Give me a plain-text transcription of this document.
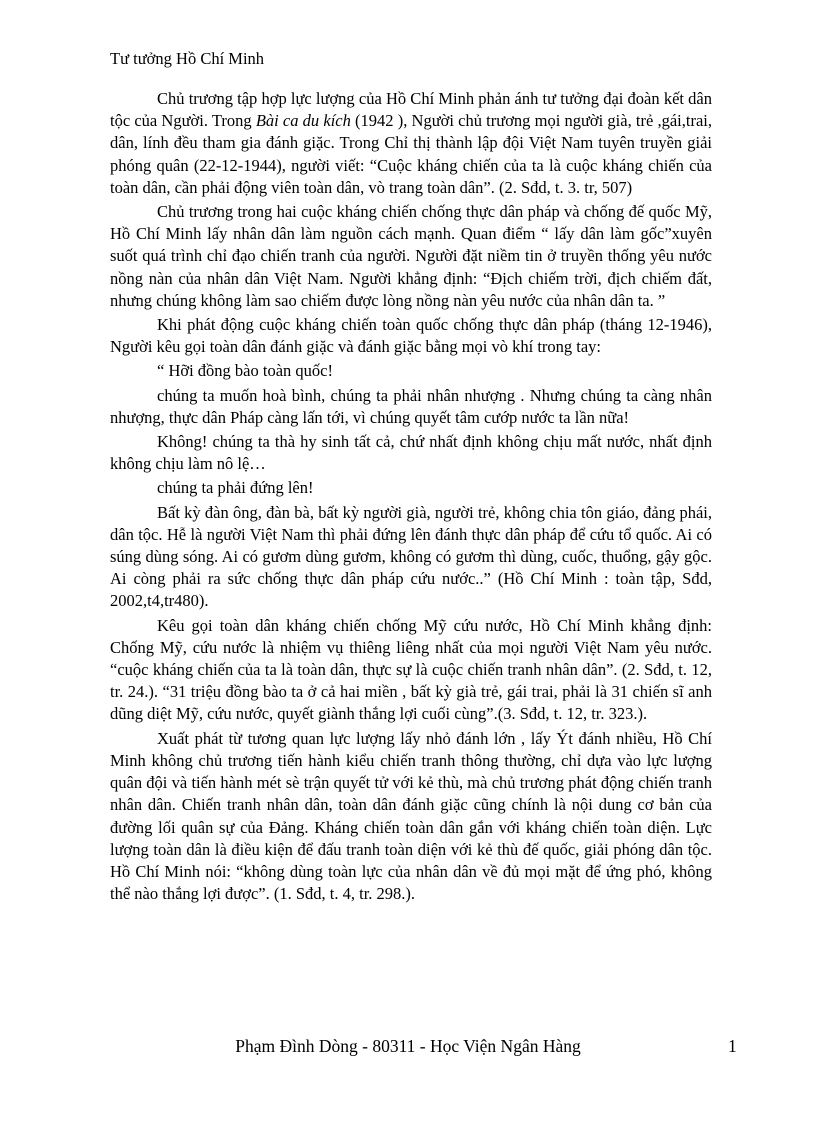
Tư tưởng Hồ Chí Minh

Chủ trương tập hợp lực lượng của Hồ Chí Minh phản ánh tư tưởng đại đoàn kết dân tộc của Người. Trong Bài ca du kích (1942 ), Người chủ trương mọi người già, trẻ ,gái,trai, dân, lính đều tham gia đánh giặc. Trong Chỉ thị thành lập đội Việt Nam tuyên truyền giải phóng quân (22-12-1944), người viết: “Cuộc kháng chiến của ta là cuộc kháng chiến của toàn dân, cần phải động viên toàn dân, vò trang toàn dân”. (2. Sđd, t. 3. tr, 507)

Chủ trương trong hai cuộc kháng chiến chống thực dân pháp và chống đế quốc Mỹ, Hồ Chí Minh lấy nhân dân làm nguồn cách mạnh. Quan điểm “ lấy dân làm gốc”xuyên suốt quá trình chỉ đạo chiến tranh của người. Người đặt niềm tin ở truyền thống yêu nước nồng nàn của nhân dân Việt Nam. Người khẳng định: “Địch chiếm trời, địch chiếm đất, nhưng chúng không làm sao chiếm được lòng nồng nàn yêu nước của nhân dân ta. ”

Khi phát động cuộc kháng chiến toàn quốc chống thực dân pháp (tháng 12-1946), Người kêu gọi toàn dân đánh giặc và đánh giặc bằng mọi vò khí trong tay:

“ Hỡi đồng bào toàn quốc!

chúng ta muốn hoà bình, chúng ta phải nhân nhượng . Nhưng chúng ta càng nhân nhượng, thực dân Pháp càng lấn tới, vì chúng quyết tâm cướp nước ta lần nữa!

Không! chúng ta thà hy sinh tất cả, chứ nhất định không chịu mất nước, nhất định không chịu làm nô lệ…

chúng ta phải đứng lên!

Bất kỳ đàn ông, đàn bà, bất kỳ người già, người trẻ, không chia tôn giáo, đảng phái, dân tộc. Hễ là người Việt Nam thì phải đứng lên đánh thực dân pháp để cứu tổ quốc. Ai có súng dùng sóng. Ai có gươm dùng gươm, không có gươm thì dùng, cuốc, thuổng, gậy gộc. Ai còng phải ra sức chống thực dân pháp cứu nước..” (Hồ Chí Minh : toàn tập, Sđd, 2002,t4,tr480).

Kêu gọi toàn dân kháng chiến chống Mỹ cứu nước, Hồ Chí Minh khẳng định: Chống Mỹ, cứu nước là nhiệm vụ thiêng liêng nhất của mọi người Việt Nam yêu nước. “cuộc kháng chiến của ta là toàn dân, thực sự là cuộc chiến tranh nhân dân”. (2. Sđd, t. 12, tr. 24.). “31 triệu đồng bào ta ở cả hai miền , bất kỳ già trẻ, gái trai, phải là 31 chiến sĩ anh dũng diệt Mỹ, cứu nước, quyết giành thắng lợi cuối cùng”.(3. Sđd, t. 12, tr. 323.).

Xuất phát từ tương quan lực lượng lấy nhỏ đánh lớn , lấy Ýt đánh nhiều, Hồ Chí Minh không chủ trương tiến hành kiểu chiến tranh thông thường, chỉ dựa vào lực lượng quân đội và tiến hành mét sè trận quyết tử với kẻ thù, mà chủ trương phát động chiến tranh nhân dân. Chiến tranh nhân dân, toàn dân đánh giặc cũng chính là nội dung cơ bản của đường lối quân sự của Đảng. Kháng chiến toàn dân gắn với kháng chiến toàn diện. Lực lượng toàn dân là điều kiện để đấu tranh toàn diện với kẻ thù đế quốc, giải phóng dân tộc. Hồ Chí Minh nói: “không dùng toàn lực của nhân dân về đủ mọi mặt để ứng phó, không thể nào thắng lợi được”. (1. Sđd, t. 4, tr. 298.).

Phạm Đình Dòng - 80311 - Học Viện Ngân Hàng	1
